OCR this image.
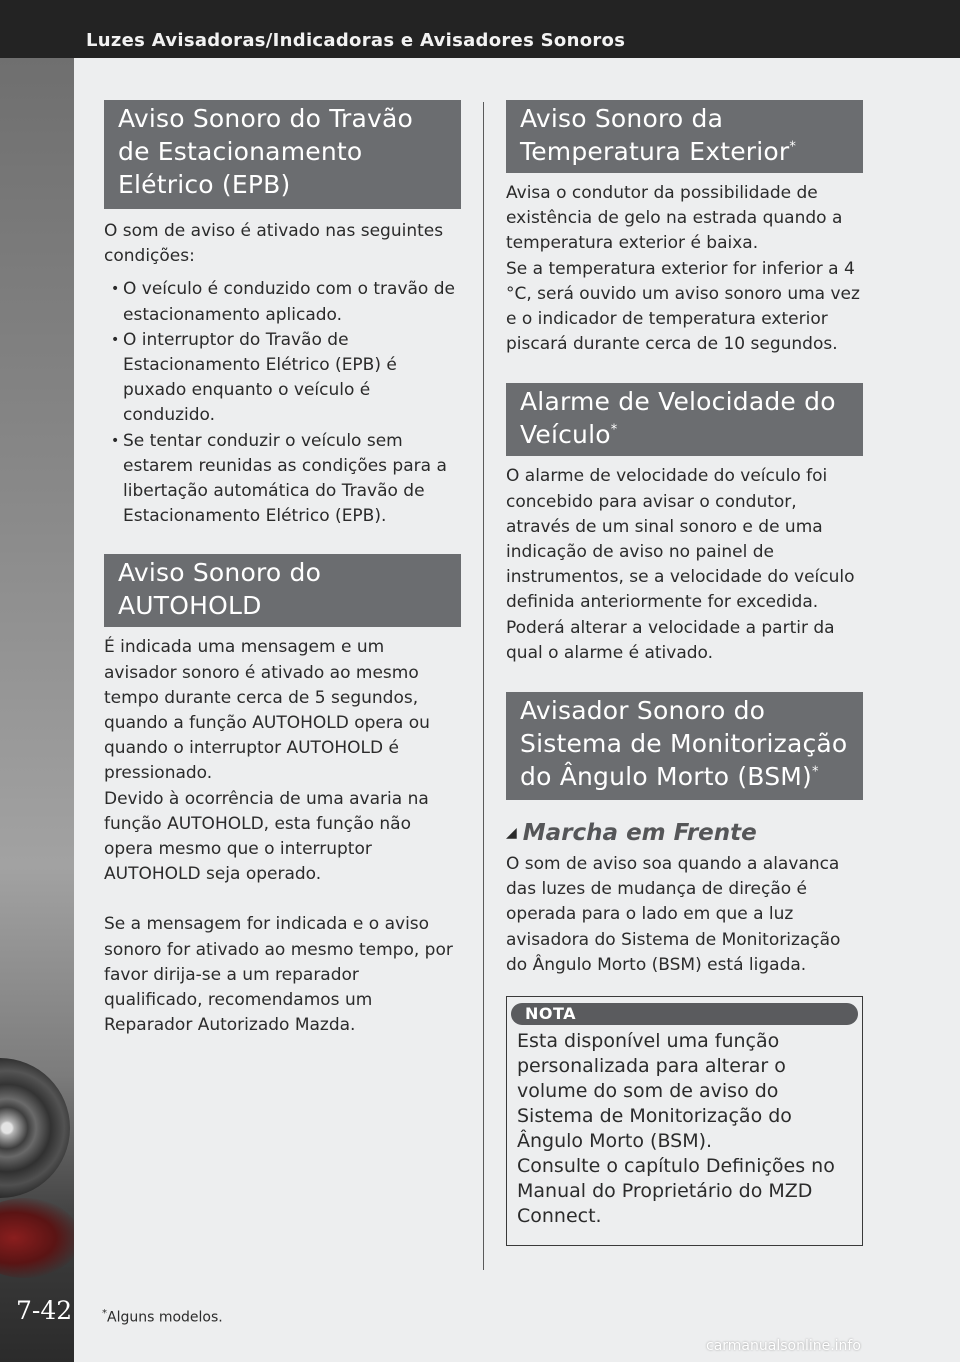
Luzes Avisadoras/Indicadoras e Avisadores Sonoros
7-42
Aviso Sonoro do Travão de Estacionamento Elétrico (EPB)

O som de aviso é ativado nas seguintes condições:

• O veículo é conduzido com o travão de estacionamento aplicado.
• O interruptor do Travão de Estacionamento Elétrico (EPB) é puxado enquanto o veículo é conduzido.
• Se tentar conduzir o veículo sem estarem reunidas as condições para a libertação automática do Travão de Estacionamento Elétrico (EPB).
Aviso Sonoro do AUTOHOLD

É indicada uma mensagem e um avisador sonoro é ativado ao mesmo tempo durante cerca de 5 segundos, quando a função AUTOHOLD opera ou quando o interruptor AUTOHOLD é pressionado.

Devido à ocorrência de uma avaria na função AUTOHOLD, esta função não opera mesmo que o interruptor AUTOHOLD seja operado.

Se a mensagem for indicada e o aviso sonoro for ativado ao mesmo tempo, por favor dirija-se a um reparador qualificado, recomendamos um Reparador Autorizado Mazda.

Aviso Sonoro da Temperatura Exterior*

Avisa o condutor da possibilidade de existência de gelo na estrada quando a temperatura exterior é baixa.

Se a temperatura exterior for inferior a 4 °C, será ouvido um aviso sonoro uma vez e o indicador de temperatura exterior piscará durante cerca de 10 segundos.

Alarme de Velocidade do Veículo*

O alarme de velocidade do veículo foi concebido para avisar o condutor, através de um sinal sonoro e de uma indicação de aviso no painel de instrumentos, se a velocidade do veículo definida anteriormente for excedida.

Poderá alterar a velocidade a partir da qual o alarme é ativado.

Avisador Sonoro do Sistema de Monitorização do Ângulo Morto (BSM)*
◢ Marcha em Frente

O som de aviso soa quando a alavanca das luzes de mudança de direção é operada para o lado em que a luz avisadora do Sistema de Monitorização do Ângulo Morto (BSM) está ligada.

NOTA
Esta disponível uma função personalizada para alterar o volume do som de aviso do Sistema de Monitorização do Ângulo Morto (BSM).
Consulte o capítulo Definições no Manual do Proprietário do MZD Connect.
*Alguns modelos.
carmanualsonline.info
